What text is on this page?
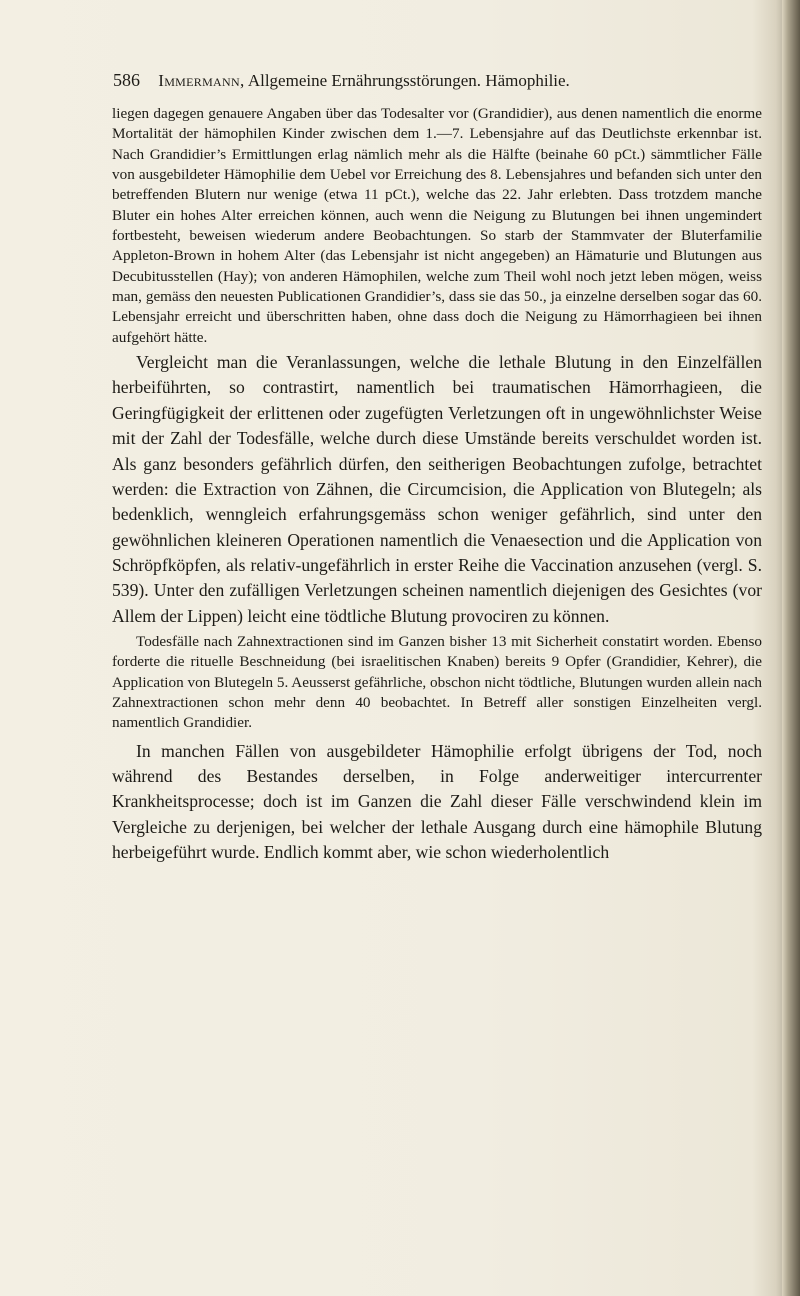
586 Immermann, Allgemeine Ernährungsstörungen. Hämophilie.

liegen dagegen genauere Angaben über das Todesalter vor (Grandidier), aus denen namentlich die enorme Mortalität der hämophilen Kinder zwischen dem 1.—7. Lebensjahre auf das Deutlichste erkennbar ist. Nach Grandidier’s Ermittlungen erlag nämlich mehr als die Hälfte (beinahe 60 pCt.) sämmtlicher Fälle von ausgebildeter Hämophilie dem Uebel vor Erreichung des 8. Lebensjahres und befanden sich unter den betreffenden Blutern nur wenige (etwa 11 pCt.), welche das 22. Jahr erlebten. Dass trotzdem manche Bluter ein hohes Alter erreichen können, auch wenn die Neigung zu Blutungen bei ihnen ungemindert fortbesteht, beweisen wiederum andere Beobachtungen. So starb der Stammvater der Bluterfamilie Appleton-Brown in hohem Alter (das Lebensjahr ist nicht angegeben) an Hämaturie und Blutungen aus Decubitusstellen (Hay); von anderen Hämophilen, welche zum Theil wohl noch jetzt leben mögen, weiss man, gemäss den neuesten Publicationen Grandidier’s, dass sie das 50., ja einzelne derselben sogar das 60. Lebensjahr erreicht und überschritten haben, ohne dass doch die Neigung zu Hämorrhagieen bei ihnen aufgehört hätte.

Vergleicht man die Veranlassungen, welche die lethale Blutung in den Einzelfällen herbeiführten, so contrastirt, namentlich bei traumatischen Hämorrhagieen, die Geringfügigkeit der erlittenen oder zugefügten Verletzungen oft in ungewöhnlichster Weise mit der Zahl der Todesfälle, welche durch diese Umstände bereits verschuldet worden ist. Als ganz besonders gefährlich dürfen, den seitherigen Beobachtungen zufolge, betrachtet werden: die Extraction von Zähnen, die Circumcision, die Application von Blutegeln; als bedenklich, wenngleich erfahrungsgemäss schon weniger gefährlich, sind unter den gewöhnlichen kleineren Operationen namentlich die Venaesection und die Application von Schröpfköpfen, als relativ-ungefährlich in erster Reihe die Vaccination anzusehen (vergl. S. 539). Unter den zufälligen Verletzungen scheinen namentlich diejenigen des Gesichtes (vor Allem der Lippen) leicht eine tödtliche Blutung provociren zu können.

Todesfälle nach Zahnextractionen sind im Ganzen bisher 13 mit Sicherheit constatirt worden. Ebenso forderte die rituelle Beschneidung (bei israelitischen Knaben) bereits 9 Opfer (Grandidier, Kehrer), die Application von Blutegeln 5. Aeusserst gefährliche, obschon nicht tödtliche, Blutungen wurden allein nach Zahnextractionen schon mehr denn 40 beobachtet. In Betreff aller sonstigen Einzelheiten vergl. namentlich Grandidier.

In manchen Fällen von ausgebildeter Hämophilie erfolgt übrigens der Tod, noch während des Bestandes derselben, in Folge anderweitiger intercurrenter Krankheitsprocesse; doch ist im Ganzen die Zahl dieser Fälle verschwindend klein im Vergleiche zu derjenigen, bei welcher der lethale Ausgang durch eine hämophile Blutung herbeigeführt wurde. Endlich kommt aber, wie schon wiederholentlich
